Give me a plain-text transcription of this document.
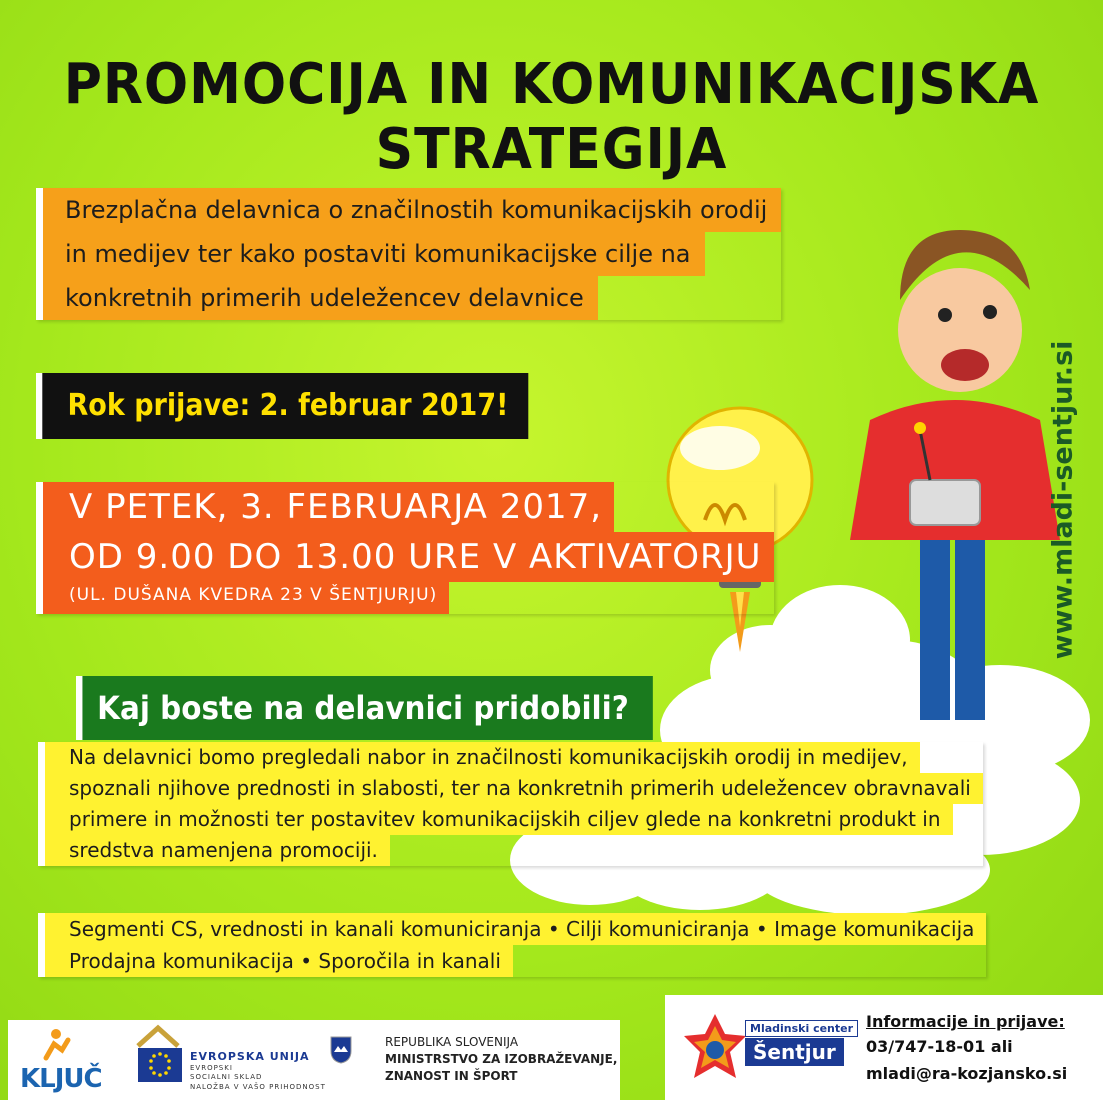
PROMOCIJA IN KOMUNIKACIJSKA STRATEGIJA
Brezplačna delavnica o značilnostih komunikacijskih orodij
in medijev ter kako postaviti komunikacijske cilje na
konkretnih primerih udeležencev delavnice
Rok prijave: 2. februar 2017!
V PETEK, 3. FEBRUARJA 2017,
OD 9.00 DO 13.00 URE V AKTIVATORJU
(UL. DUŠANA KVEDRA 23 V ŠENTJURJU)
Kaj boste na delavnici pridobili?
Na delavnici bomo pregledali nabor in značilnosti komunikacijskih orodij in medijev,
spoznali njihove prednosti in slabosti, ter na konkretnih primerih udeležencev obravnavali
primere in možnosti ter postavitev komunikacijskih ciljev glede na konkretni produkt in
sredstva namenjena promociji.
Segmenti CS, vrednosti in kanali komuniciranja • Cilji komuniciranja • Image komunikacija
Prodajna komunikacija • Sporočila in kanali
www.mladi-sentjur.si
KLJUČ
EVROPSKA UNIJA
EVROPSKI
SOCIALNI SKLAD
NALOŽBA V VAŠO PRIHODNOST
REPUBLIKA SLOVENIJA
MINISTRSTVO ZA IZOBRAŽEVANJE,
ZNANOST IN ŠPORT
Mladinski center
Šentjur
Informacije in prijave:
03/747-18-01 ali
mladi@ra-kozjansko.si
